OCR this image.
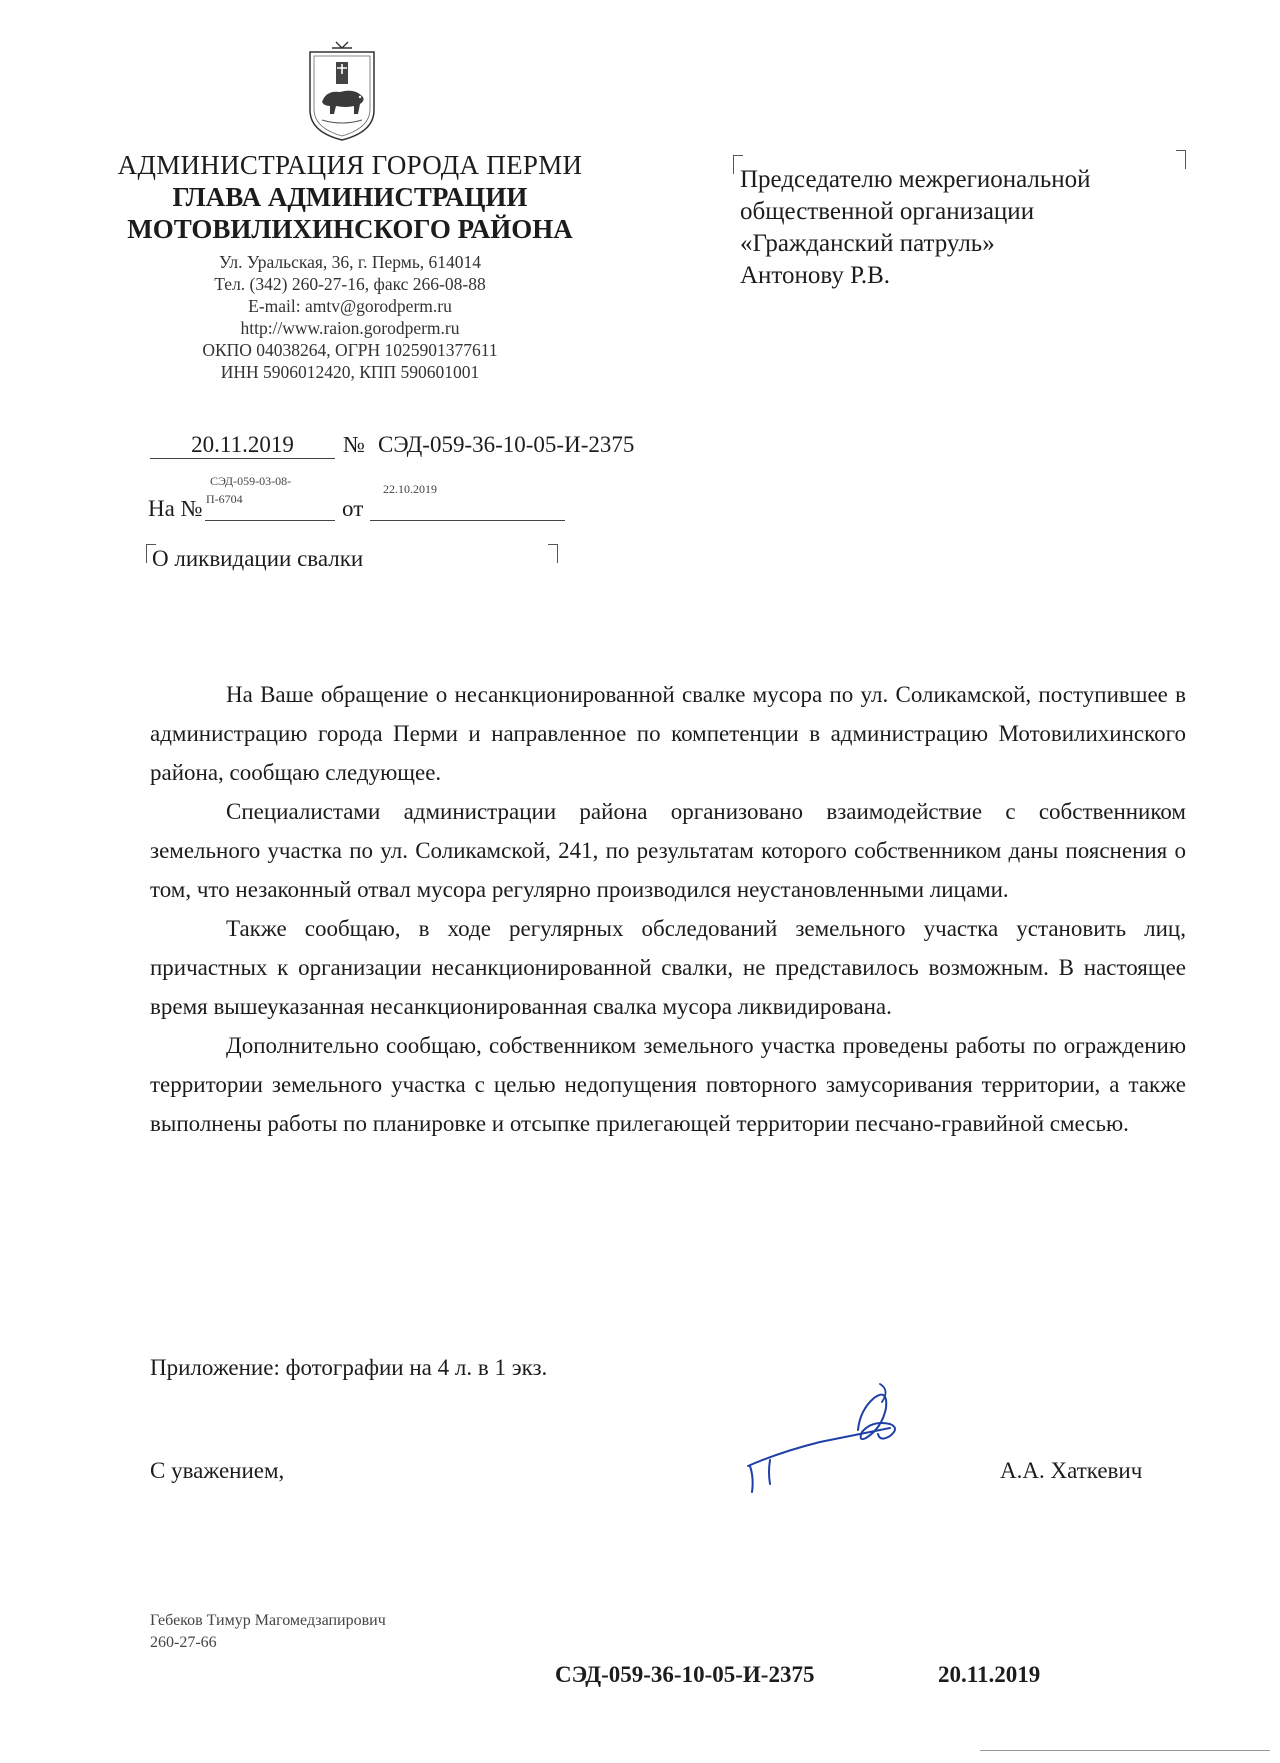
АДМИНИСТРАЦИЯ ГОРОДА ПЕРМИ
ГЛАВА АДМИНИСТРАЦИИ
МОТОВИЛИХИНСКОГО РАЙОНА
Ул. Уральская, 36, г. Пермь, 614014
Тел. (342) 260-27-16, факс 266-08-88
E-mail: amtv@gorodperm.ru
http://www.raion.gorodperm.ru
ОКПО 04038264, ОГРН 1025901377611
ИНН 5906012420, КПП 590601001
Председателю межрегиональной
общественной организации
«Гражданский патруль»
Антонову Р.В.
20.11.2019	№ СЭД-059-36-10-05-И-2375
СЭД-059-03-08-
П-6704
22.10.2019
На №	от
О ликвидации свалки

На Ваше обращение о несанкционированной свалке мусора по ул. Соликамской, поступившее в администрацию города Перми и направленное по компетенции в администрацию Мотовилихинского района, сообщаю следующее.

Специалистами администрации района организовано взаимодействие с собственником земельного участка по ул. Соликамской, 241, по результатам которого собственником даны пояснения о том, что незаконный отвал мусора регулярно производился неустановленными лицами.

Также сообщаю, в ходе регулярных обследований земельного участка установить лиц, причастных к организации несанкционированной свалки, не представилось возможным. В настоящее время вышеуказанная несанкционированная свалка мусора ликвидирована.

Дополнительно сообщаю, собственником земельного участка проведены работы по ограждению территории земельного участка с целью недопущения повторного замусоривания территории, а также выполнены работы по планировке и отсыпке прилегающей территории песчано-гравийной смесью.

Приложение: фотографии на 4 л. в 1 экз.
С уважением,	А.А. Хаткевич
Гебеков Тимур Магомедзапирович
260-27-66
СЭД-059-36-10-05-И-2375	20.11.2019
